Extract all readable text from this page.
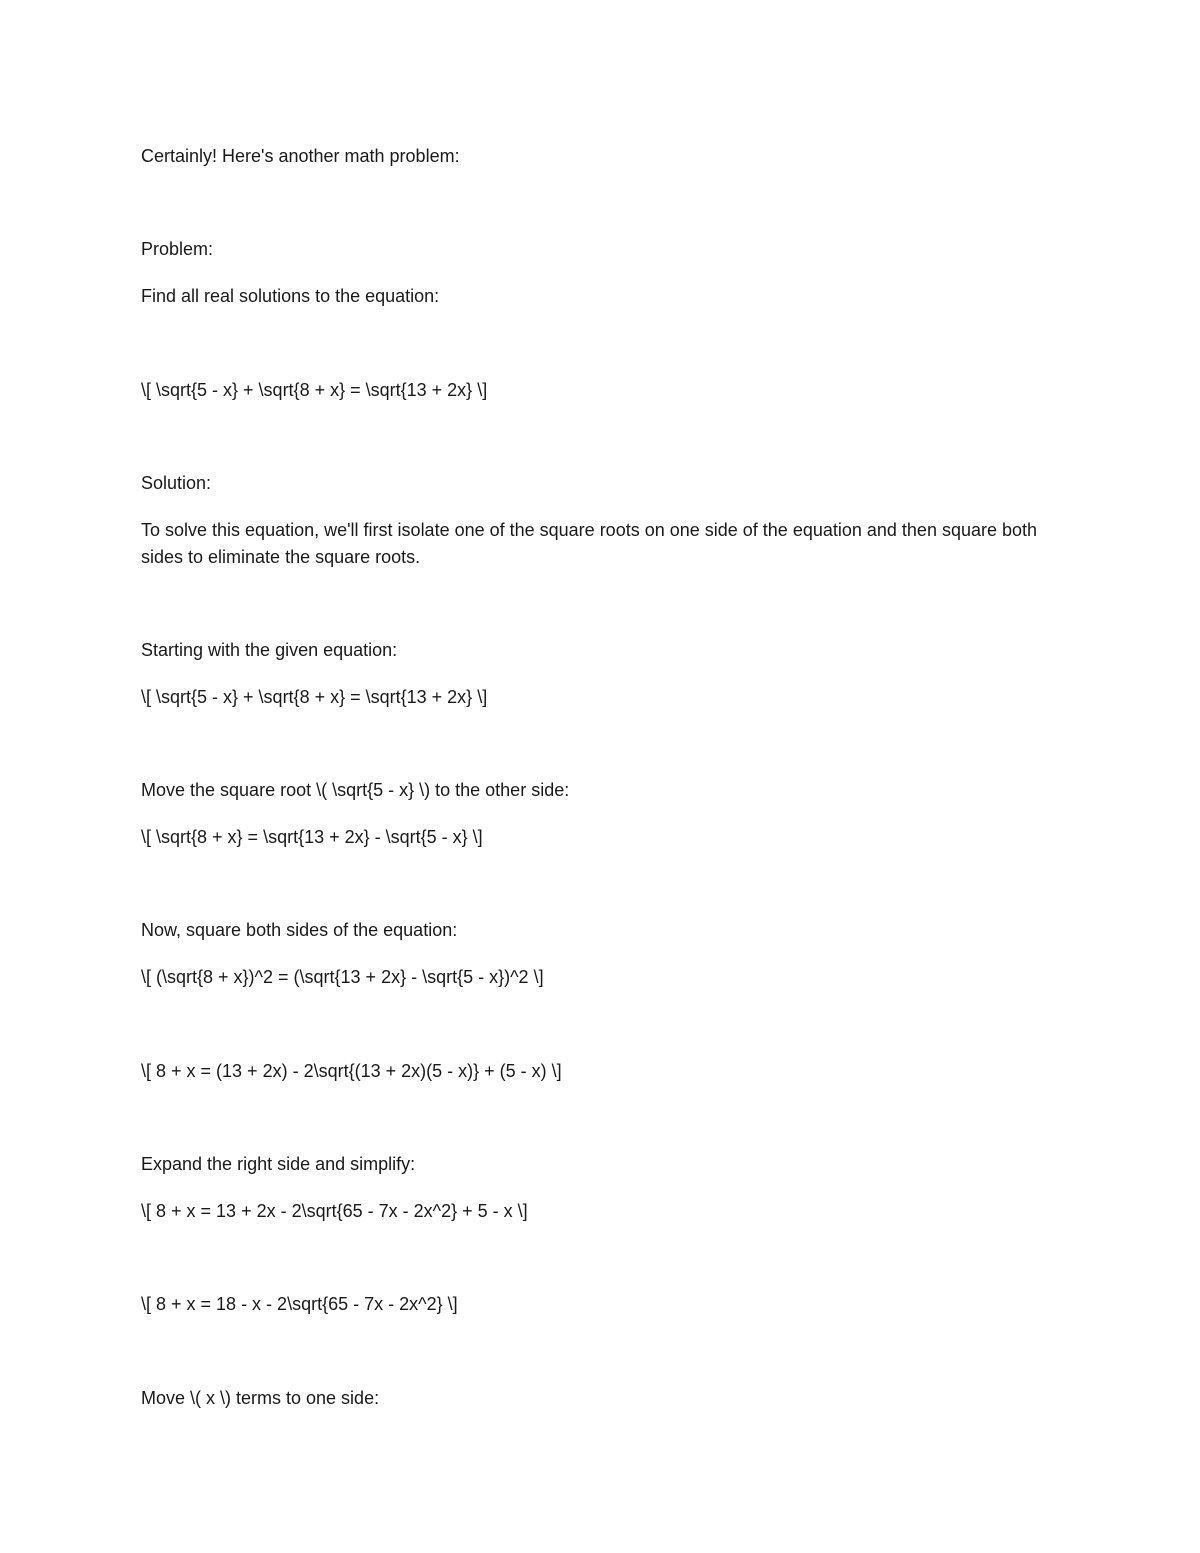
Certainly! Here's another math problem:

Problem:

Find all real solutions to the equation:

\[ \sqrt{5 - x} + \sqrt{8 + x} = \sqrt{13 + 2x} \]

Solution:

To solve this equation, we'll first isolate one of the square roots on one side of the equation and then square both sides to eliminate the square roots.

Starting with the given equation:

\[ \sqrt{5 - x} + \sqrt{8 + x} = \sqrt{13 + 2x} \]

Move the square root \( \sqrt{5 - x} \) to the other side:

\[ \sqrt{8 + x} = \sqrt{13 + 2x} - \sqrt{5 - x} \]

Now, square both sides of the equation:

\[ (\sqrt{8 + x})^2 = (\sqrt{13 + 2x} - \sqrt{5 - x})^2 \]

\[ 8 + x = (13 + 2x) - 2\sqrt{(13 + 2x)(5 - x)} + (5 - x) \]

Expand the right side and simplify:

\[ 8 + x = 13 + 2x - 2\sqrt{65 - 7x - 2x^2} + 5 - x \]

\[ 8 + x = 18 - x - 2\sqrt{65 - 7x - 2x^2} \]

Move \( x \) terms to one side:
